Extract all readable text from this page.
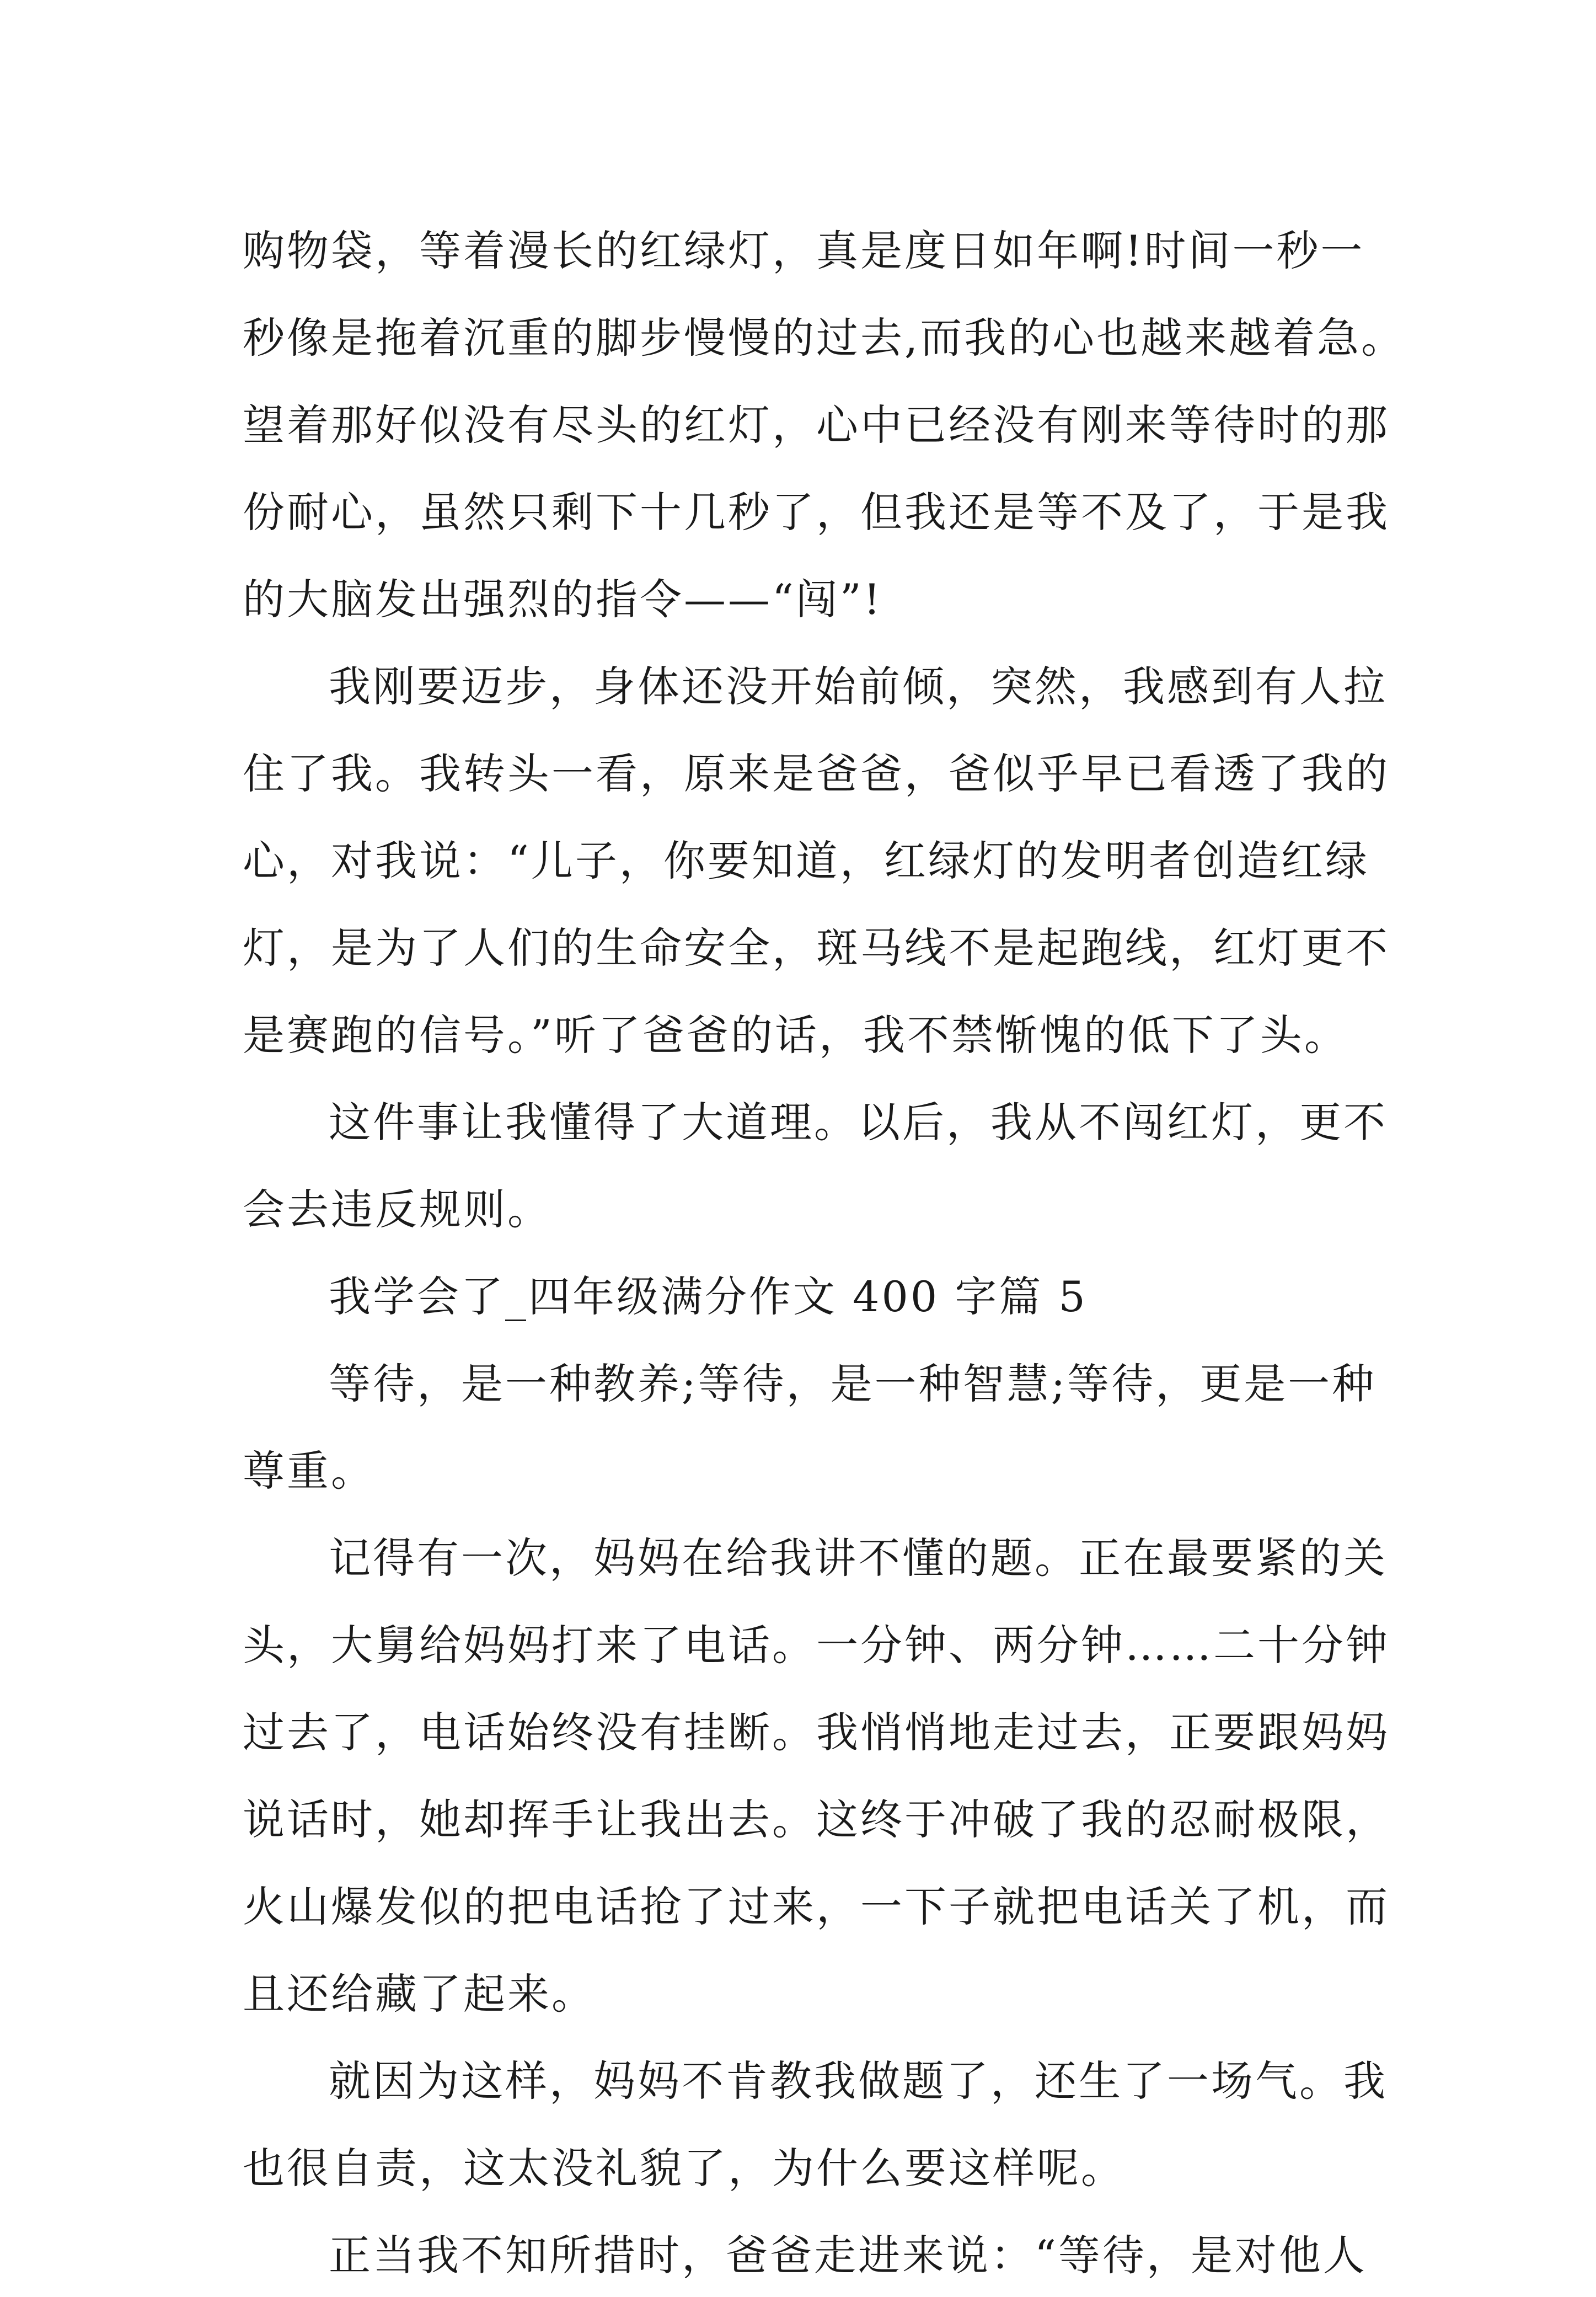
购物袋，等着漫长的红绿灯，真是度日如年啊!时间一秒一
秒像是拖着沉重的脚步慢慢的过去,而我的心也越来越着急。
望着那好似没有尽头的红灯，心中已经没有刚来等待时的那
份耐心，虽然只剩下十几秒了，但我还是等不及了，于是我
的大脑发出强烈的指令——“闯”!
我刚要迈步，身体还没开始前倾，突然，我感到有人拉
住了我。我转头一看，原来是爸爸，爸似乎早已看透了我的
心，对我说：“儿子，你要知道，红绿灯的发明者创造红绿
灯，是为了人们的生命安全，斑马线不是起跑线，红灯更不
是赛跑的信号。”听了爸爸的话，我不禁惭愧的低下了头。
这件事让我懂得了大道理。以后，我从不闯红灯，更不
会去违反规则。
我学会了_四年级满分作文 400 字篇 5
等待，是一种教养;等待，是一种智慧;等待，更是一种
尊重。
记得有一次，妈妈在给我讲不懂的题。正在最要紧的关
头，大舅给妈妈打来了电话。一分钟、两分钟……二十分钟
过去了，电话始终没有挂断。我悄悄地走过去，正要跟妈妈
说话时，她却挥手让我出去。这终于冲破了我的忍耐极限，
火山爆发似的把电话抢了过来，一下子就把电话关了机，而
且还给藏了起来。
就因为这样，妈妈不肯教我做题了，还生了一场气。我
也很自责，这太没礼貌了，为什么要这样呢。
正当我不知所措时，爸爸走进来说：“等待，是对他人
